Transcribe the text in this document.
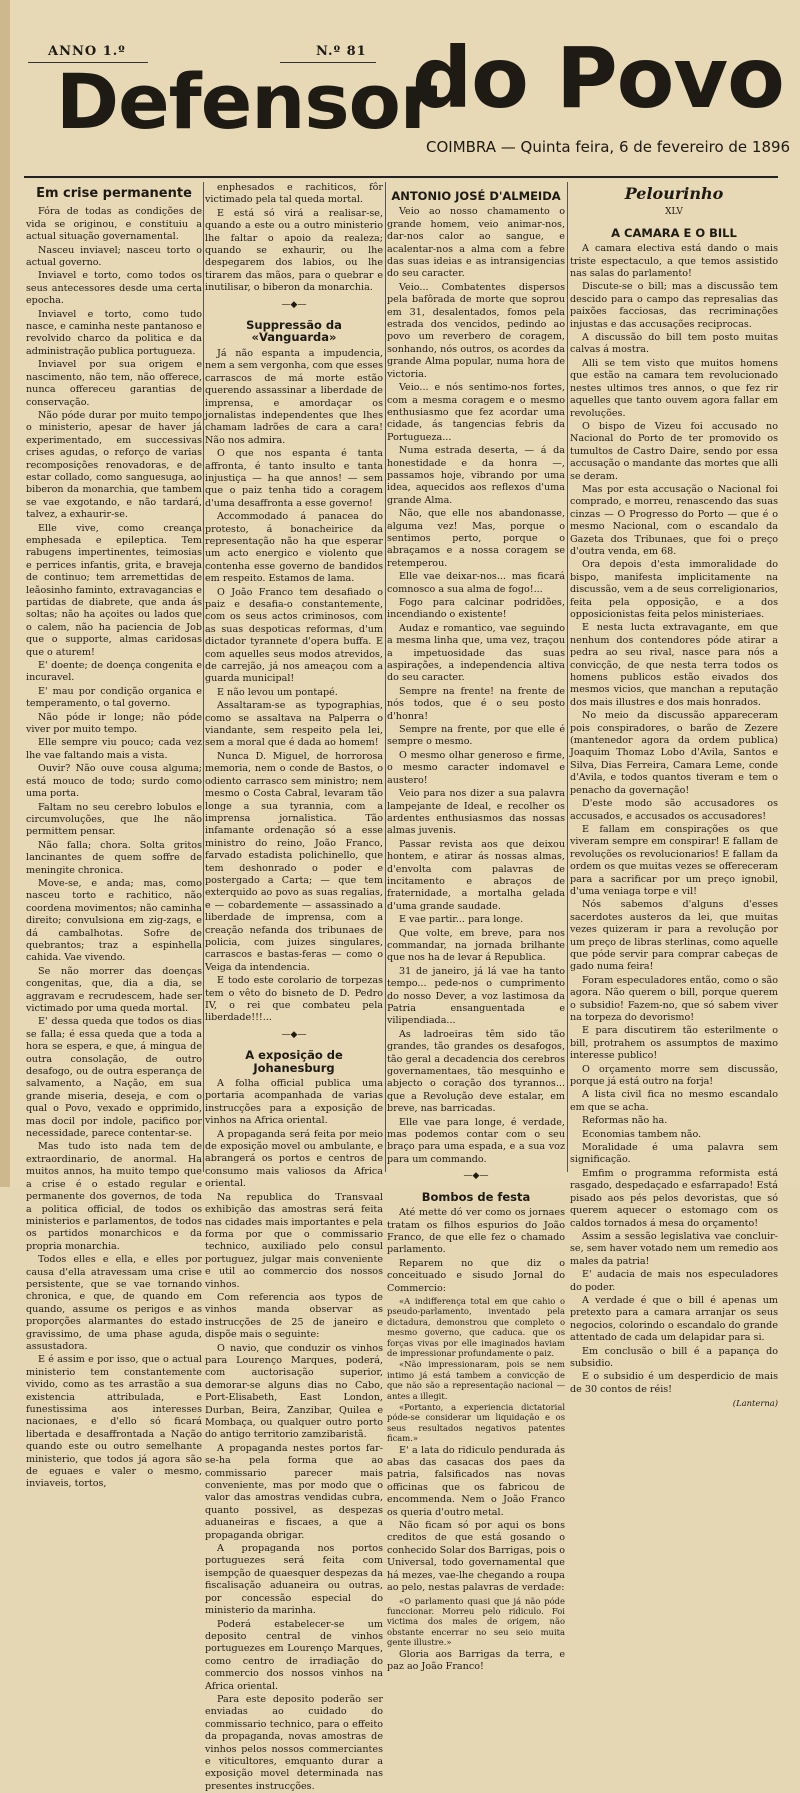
ANNO 1.º	N.º 81
Defensor
do Povo
COIMBRA — Quinta feira, 6 de fevereiro de 1896
Em crise permanente

Fóra de todas as condições de vida se originou, e constituiu a actual situação governamental.

Nasceu inviavel; nasceu torto o actual governo.

Inviavel e torto, como todos os seus antecessores desde uma certa epocha.

Inviavel e torto, como tudo nasce, e caminha neste pantanoso e revolvido charco da politica e da administração publica portugueza.

Inviavel por sua origem e nascimento, não tem, não offerece, nunca offereceu garantias de conservação.

Não póde durar por muito tempo o ministerio, apesar de haver já experimentado, em successivas crises agudas, o reforço de varias recomposições renovadoras, e de estar collado, como sanguesuga, ao biberon da monarchia, que tambem se vae exgotando, e não tardará, talvez, a exhaurir-se.

Elle vive, como creança emphesada e epileptica. Tem rabugens impertinentes, teimosias e perrices infantis, grita, e braveja de continuo; tem arremettidas de leãosinho faminto, extravagancias e partidas de diabrete, que anda ás soltas; não ha açoites ou lados que o calem, não ha paciencia de Job que o supporte, almas caridosas que o aturem!

E' doente; de doença congenita e incuravel.

E' mau por condição organica e temperamento, o tal governo.

Não póde ir longe; não póde viver por muito tempo.

Elle sempre viu pouco; cada vez lhe vae faltando mais a vista.

Ouvir? Não ouve cousa alguma; está mouco de todo; surdo como uma porta.

Faltam no seu cerebro lobulos e circumvoluções, que lhe não permittem pensar.

Não falla; chora. Solta gritos lancinantes de quem soffre de meningite chronica.

Move-se, e anda; mas, como nasceu torto e rachitico, não coordena movimentos; não caminha direito; convulsiona em zig-zags, e dá cambalhotas. Sofre de quebrantos; traz a espinhella cahida. Vae vivendo.

Se não morrer das doenças congenitas, que, dia a dia, se aggravam e recrudescem, hade ser victimado por uma queda mortal.

E' dessa queda que todos os dias se falla; é essa queda que a toda a hora se espera, e que, á mingua de outra consolação, de outro desafogo, ou de outra esperança de salvamento, a Nação, em sua grande miseria, deseja, e com o qual o Povo, vexado e opprimido, mas docil por indole, pacifico por necessidade, parece contentar-se.

Mas tudo isto nada tem de extraordinario, de anormal. Ha muitos annos, ha muito tempo que a crise é o estado regular e permanente dos governos, de toda a politica official, de todos os ministerios e parlamentos, de todos os partidos monarchicos e da propria monarchia.

Todos elles e ella, e elles por causa d'ella atravessam uma crise persistente, que se vae tornando chronica, e que, de quando em quando, assume os perigos e as proporções alarmantes do estado gravissimo, de uma phase aguda, assustadora.

E é assim e por isso, que o actual ministerio tem constantemente vivido, como as tes arrastão a sua existencia attribulada, e funestissima aos interesses nacionaes, e d'ello só ficará libertada e desaffrontada a Nação quando este ou outro semelhante ministerio, que todos já agora são de eguaes e valer o mesmo, inviaveis, tortos,

enphesados e rachiticos, fôr victimado pela tal queda mortal.

E está só virá a realisar-se, quando a este ou a outro ministerio lhe faltar o apoio da realeza; quando se exhaurir, ou lhe despegarem dos labios, ou lhe tirarem das mãos, para o quebrar e inutilisar, o biberon da monarchia.

—◆—
Suppressão da «Vanguarda»

Já não espanta a impudencia, nem a sem vergonha, com que esses carrascos de má morte estão querendo assassinar a liberdade de imprensa, e amordaçar os jornalistas independentes que lhes chamam ladrões de cara a cara! Não nos admira.

O que nos espanta é tanta affronta, é tanto insulto e tanta injustiça — ha que annos! — sem que o paiz tenha tido a coragem d'uma desaffronta a esse governo!

Accommodado á panacea do protesto, á bonacheirice da representação não ha que esperar um acto energico e violento que contenha esse governo de bandidos em respeito. Estamos de lama.

O João Franco tem desafiado o paiz e desafia-o constantemente, com os seus actos criminosos, com as suas despoticas reformas, d'um dictador tyrannete d'opera buffa. E com aquelles seus modos atrevidos, de carrejão, já nos ameaçou com a guarda municipal!

E não levou um pontapé.

Assaltaram-se as typographias, como se assaltava na Palperra o viandante, sem respeito pela lei, sem a moral que é dada ao homem!

Nunca D. Miguel, de horrorosa memoria, nem o conde de Bastos, o odiento carrasco sem ministro; nem mesmo o Costa Cabral, levaram tão longe a sua tyrannia, com a imprensa jornalistica. Tão infamante ordenação só a esse ministro do reino, João Franco, farvado estadista polichinello, que tem deshonrado o poder e postergado a Carta; — que tem exterquido ao povo as suas regalias, e — cobardemente — assassinado a liberdade de imprensa, com a creação nefanda dos tribunaes de policia, com juizes singulares, carrascos e bastas-feras — como o Veiga da intendencia.

E todo este corolario de torpezas tem o vêto do bisneto de D. Pedro IV, o rei que combateu pela liberdade!!!...

—◆—
A exposição de Johanesburg

A folha official publica uma portaria acompanhada de varias instrucções para a exposição de vinhos na Africa oriental.

A propaganda será feita por meio de exposição movel ou ambulante, e abrangerá os portos e centros de consumo mais valiosos da Africa oriental.

Na republica do Transvaal exhibição das amostras será feita nas cidades mais importantes e pela forma por que o commissario technico, auxiliado pelo consul portuguez, julgar mais conveniente e util ao commercio dos nossos vinhos.

Com referencia aos typos de vinhos manda observar as instrucções de 25 de janeiro e dispõe mais o seguinte:

O navio, que conduzir os vinhos para Lourenço Marques, poderá, com auctorisação superior, demorar-se alguns dias no Cabo, Port-Elisabeth, East London, Durban, Beira, Zanzibar, Quilea e Mombaça, ou qualquer outro porto do antigo territorio zamzibaristã.

A propaganda nestes portos far-se-ha pela forma que ao commissario parecer mais conveniente, mas por modo que o valor das amostras vendidas cubra, quanto possivel, as despezas aduaneiras e fiscaes, a que a propaganda obrigar.

A propaganda nos portos portuguezes será feita com isempção de quaesquer despezas da fiscalisação aduaneira ou outras, por concessão especial do ministerio da marinha.

Poderá estabelecer-se um deposito central de vinhos portuguezes em Lourenço Marques, como centro de irradiação do commercio dos nossos vinhos na Africa oriental.

Para este deposito poderão ser enviadas ao cuidado do commissario technico, para o effeito da propaganda, novas amostras de vinhos pelos nossos commerciantes e viticultores, emquanto durar a exposição movel determinada nas presentes instrucções.

ANTONIO JOSÉ D'ALMEIDA

Veio ao nosso chamamento o grande homem, veio animar-nos, dar-nos calor ao sangue, e acalentar-nos a alma com a febre das suas ideias e as intransigencias do seu caracter.

Veio... Combatentes dispersos pela bafôrada de morte que soprou em 31, desalentados, fomos pela estrada dos vencidos, pedindo ao povo um reverbero de coragem, sonhando, nós outros, os acordes da grande Alma popular, numa hora de victoria.

Veio... e nós sentimo-nos fortes, com a mesma coragem e o mesmo enthusiasmo que fez acordar uma cidade, ás tangencias febris da Portugueza...

Numa estrada deserta, — á da honestidade e da honra —, passamos hoje, vibrando por uma idea, aquecidos aos reflexos d'uma grande Alma.

Não, que elle nos abandonasse, alguma vez! Mas, porque o sentimos perto, porque o abraçamos e a nossa coragem se retemperou.

Elle vae deixar-nos... mas ficará comnosco a sua alma de fogo!...

Fogo para calcinar podridões, incendiando o existente!

Audaz e romantico, vae seguindo a mesma linha que, uma vez, traçou a impetuosidade das suas aspirações, a independencia altiva do seu caracter.

Sempre na frente! na frente de nós todos, que é o seu posto d'honra!

Sempre na frente, por que elle é sempre o mesmo.

O mesmo olhar generoso e firme, o mesmo caracter indomavel e austero!

Veio para nos dizer a sua palavra lampejante de Ideal, e recolher os ardentes enthusiasmos das nossas almas juvenis.

Passar revista aos que deixou hontem, e atirar ás nossas almas, d'envolta com palavras de incitamento e abraços de fraternidade, a mortalha gelada d'uma grande saudade.

E vae partir... para longe.

Que volte, em breve, para nos commandar, na jornada brilhante que nos ha de levar á Republica.

31 de janeiro, já lá vae ha tanto tempo... pede-nos o cumprimento do nosso Dever, a voz lastimosa da Patria ensanguentada e vilipendiada...

As ladroeiras têm sido tão grandes, tão grandes os desafogos, tão geral a decadencia dos cerebros governamentaes, tão mesquinho e abjecto o coração dos tyrannos... que a Revolução deve estalar, em breve, nas barricadas.

Elle vae para longe, é verdade, mas podemos contar com o seu braço para uma espada, e a sua voz para um commando.

—◆—
Bombos de festa

Até mette dó ver como os jornaes tratam os filhos espurios do João Franco, de que elle fez o chamado parlamento.

Reparem no que diz o conceituado e sisudo Jornal do Commercio:

«A indifferença total em que cahio o pseudo-parlamento, inventado pela dictadura, demonstrou que completo o mesmo governo, que caduca. que os forças vivas por elle imaginados haviam de impressionar profundamente o paiz.

«Não impressionaram, pois se nem intimo já está tambem a convicção de que não são a representação nacional — antes a illegit.

«Portanto, a experiencia dictatorial póde-se considerar um liquidação e os seus resultados negativos patentes ficam.»

E' a lata do ridiculo pendurada ás abas das casacas dos paes da patria, falsificados nas novas officinas que os fabricou de encommenda. Nem o João Franco os queria d'outro metal.

Não ficam só por aqui os bons creditos de que está gosando o conhecido Solar dos Barrigas, pois o Universal, todo governamental que há mezes, vae-lhe chegando a roupa ao pelo, nestas palavras de verdade:

«O parlamento quasi que já não póde funccionar. Morreu pelo ridiculo. Foi victima dos males de origem, não obstante encerrar no seu seio muita gente illustre.»

Gloria aos Barrigas da terra, e paz ao João Franco!

Pelourinho
XLV
A CAMARA E O BILL

A camara electiva está dando o mais triste espectaculo, a que temos assistido nas salas do parlamento!

Discute-se o bill; mas a discussão tem descido para o campo das represalias das paixões facciosas, das recriminações injustas e das accusações reciprocas.

A discussão do bill tem posto muitas calvas á mostra.

Alli se tem visto que muitos homens que estão na camara tem revolucionado nestes ultimos tres annos, o que fez rir aquelles que tanto ouvem agora fallar em revoluções.

O bispo de Vizeu foi accusado no Nacional do Porto de ter promovido os tumultos de Castro Daire, sendo por essa accusação o mandante das mortes que alli se deram.

Mas por esta accusação o Nacional foi comprado, e morreu, renascendo das suas cinzas — O Progresso do Porto — que é o mesmo Nacional, com o escandalo da Gazeta dos Tribunaes, que foi o preço d'outra venda, em 68.

Ora depois d'esta immoralidade do bispo, manifesta implicitamente na discussão, vem a de seus correligionarios, feita pela opposição, e a dos opposicionistas feita pelos ministeriaes.

E nesta lucta extravagante, em que nenhum dos contendores póde atirar a pedra ao seu rival, nasce para nós a convicção, de que nesta terra todos os homens publicos estão eivados dos mesmos vicios, que manchan a reputação dos mais illustres e dos mais honrados.

No meio da discussão appareceram pois conspiradores, o barão de Zezere (mantenedor agora da ordem publica) Joaquim Thomaz Lobo d'Avila, Santos e Silva, Dias Ferreira, Camara Leme, conde d'Avila, e todos quantos tiveram e tem o penacho da governação!

D'este modo são accusadores os accusados, e accusados os accusadores!

E fallam em conspirações os que viveram sempre em conspirar! E fallam de revoluções os revolucionarios! E fallam da ordem os que muitas vezes se offereceram para a sacrificar por um preço ignobil, d'uma veniaga torpe e vil!

Nós sabemos d'alguns d'esses sacerdotes austeros da lei, que muitas vezes quizeram ir para a revolução por um preço de libras sterlinas, como aquelle que póde servir para comprar cabeças de gado numa feira!

Foram especuladores então, como o são agora. Não querem o bill, porque querem o subsidio! Fazem-no, que só sabem viver na torpeza do devorismo!

E para discutirem tão esterilmente o bill, protrahem os assumptos de maximo interesse publico!

O orçamento morre sem discussão, porque já está outro na forja!

A lista civil fica no mesmo escandalo em que se acha.

Reformas não ha.

Economias tambem não.

Moralidade é uma palavra sem significação.

Emfim o programma reformista está rasgado, despedaçado e esfarrapado! Está pisado aos pés pelos devoristas, que só querem aquecer o estomago com os caldos tornados á mesa do orçamento!

Assim a sessão legislativa vae concluir-se, sem haver votado nem um remedio aos males da patria!

E' audacia de mais nos especuladores do poder.

A verdade é que o bill é apenas um pretexto para a camara arranjar os seus negocios, colorindo o escandalo do grande attentado de cada um delapidar para si.

Em conclusão o bill é a papança do subsidio.

E o subsidio é um desperdicio de mais de 30 contos de réis!

(Lanterna)
